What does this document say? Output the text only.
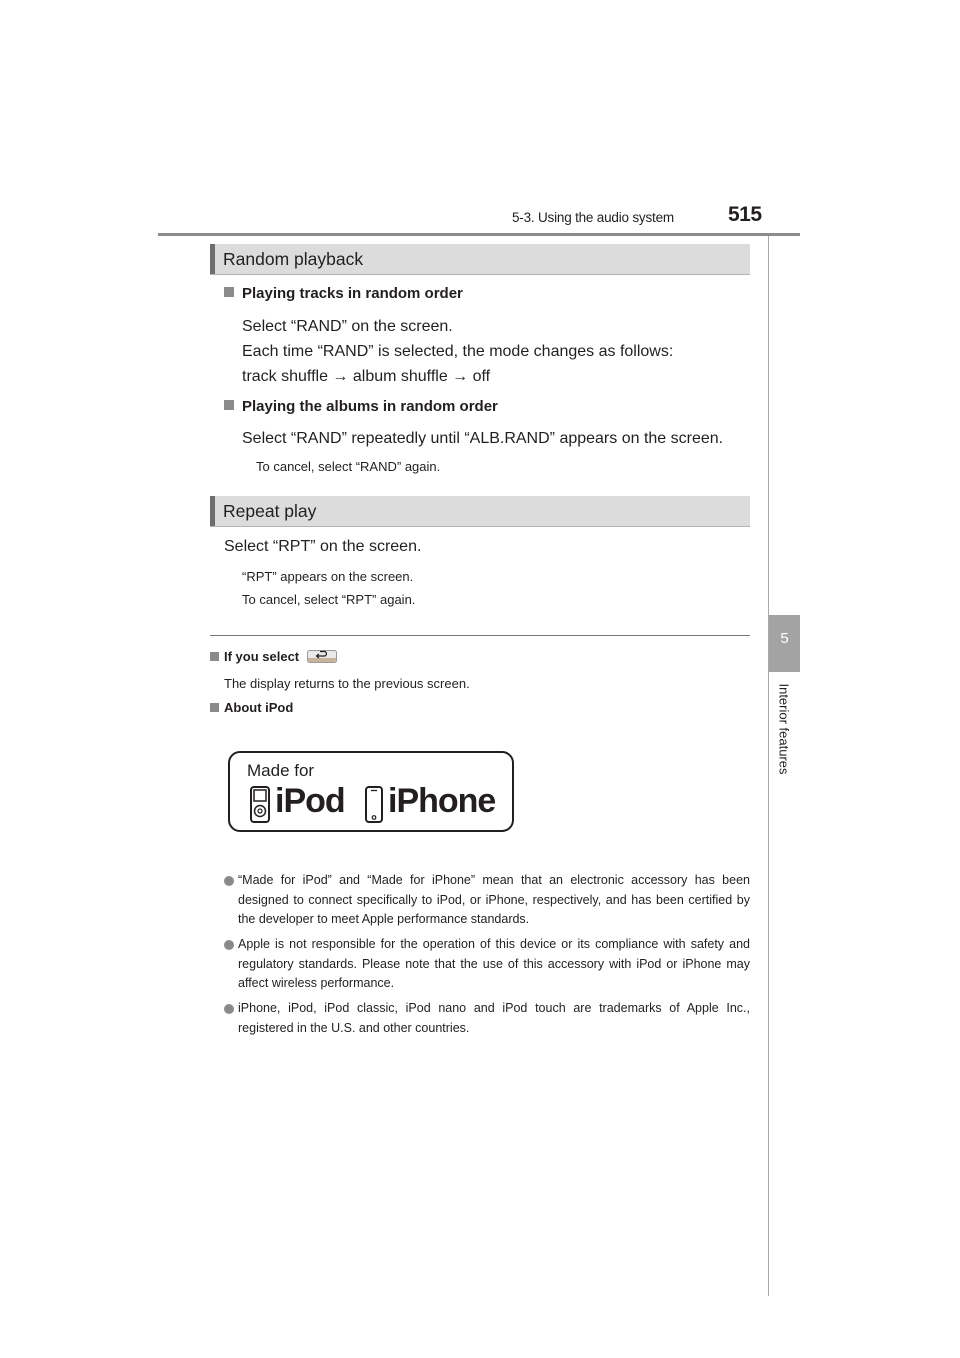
5-3. Using the audio system	515
5
Interior features
Random playback
Playing tracks in random order
Select “RAND” on the screen.
Each time “RAND” is selected, the mode changes as follows:
track shuffle → album shuffle → off
Playing the albums in random order
Select “RAND” repeatedly until “ALB.RAND” appears on the screen.
To cancel, select “RAND” again.
Repeat play
Select “RPT” on the screen.
“RPT” appears on the screen.
To cancel, select “RPT” again.
If you select
The display returns to the previous screen.
About iPod
Made for
iPod iPhone
“Made for iPod” and “Made for iPhone” mean that an electronic accessory has been designed to connect specifically to iPod, or iPhone, respectively, and has been certified by the developer to meet Apple performance standards.
Apple is not responsible for the operation of this device or its compliance with safety and regulatory standards. Please note that the use of this accessory with iPod or iPhone may affect wireless performance.
iPhone, iPod, iPod classic, iPod nano and iPod touch are trademarks of Apple Inc., registered in the U.S. and other countries.
